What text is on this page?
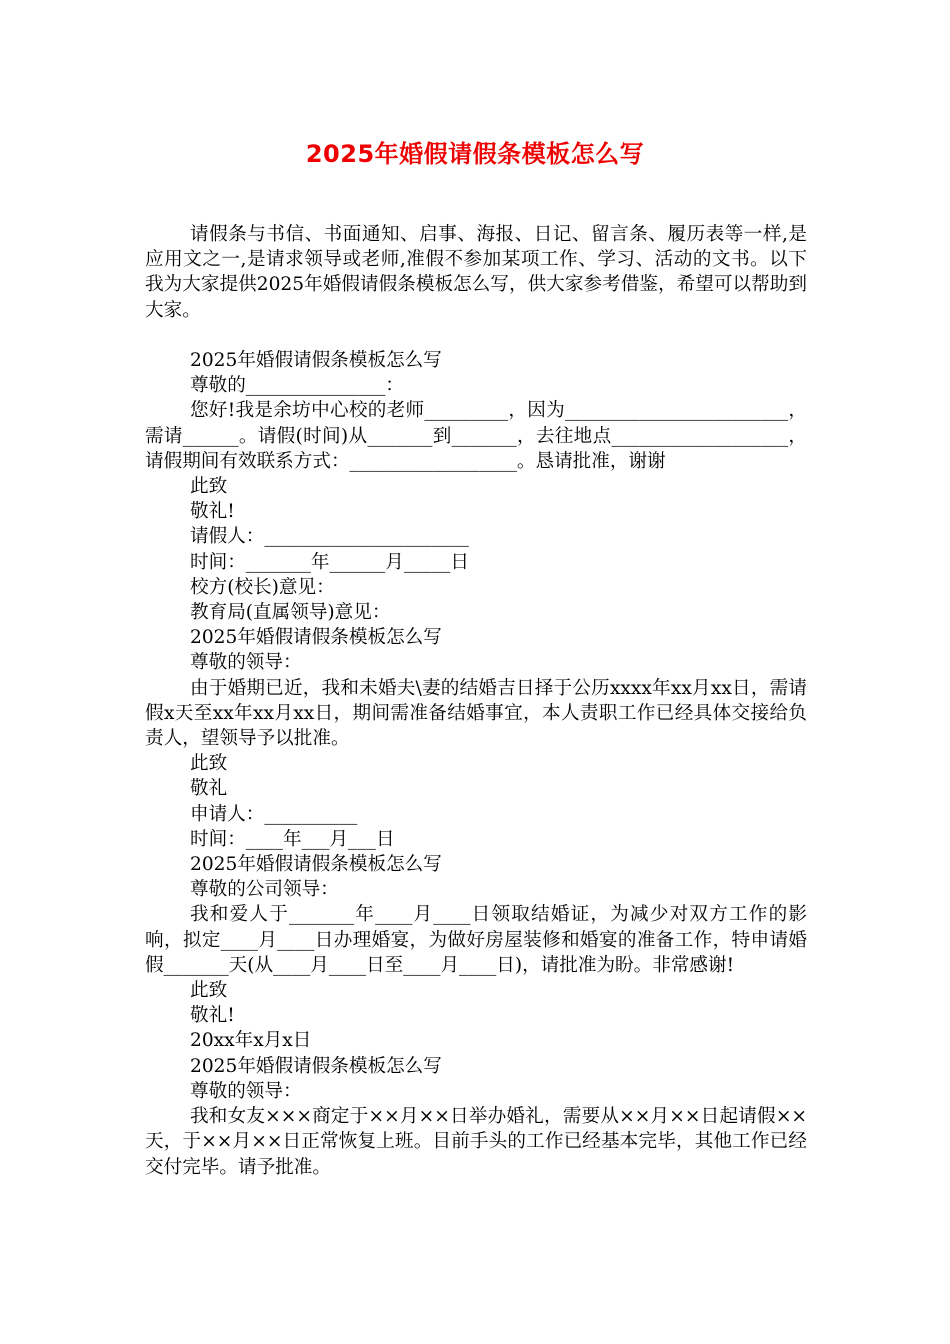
2025年婚假请假条模板怎么写

请假条与书信、书面通知、启事、海报、日记、留言条、履历表等一样,是应用文之一,是请求领导或老师,准假不参加某项工作、学习、活动的文书。以下我为大家提供2025年婚假请假条模板怎么写，供大家参考借鉴，希望可以帮助到大家。

2025年婚假请假条模板怎么写

尊敬的_______________：

您好!我是余坊中心校的老师_________，因为________________________，需请______。请假(时间)从_______到_______，去往地点___________________，请假期间有效联系方式：__________________。恳请批准，谢谢

此致

敬礼!

请假人：______________________

时间：_______年______月_____日

校方(校长)意见：

教育局(直属领导)意见：

2025年婚假请假条模板怎么写

尊敬的领导：

由于婚期已近，我和未婚夫\妻的结婚吉日择于公历xxxx年xx月xx日，需请假x天至xx年xx月xx日，期间需准备结婚事宜，本人责职工作已经具体交接给负责人，望领导予以批准。

此致

敬礼

申请人：__________

时间：____年___月___日

2025年婚假请假条模板怎么写

尊敬的公司领导：

我和爱人于_______年____月____日领取结婚证，为减少对双方工作的影响，拟定____月____日办理婚宴，为做好房屋装修和婚宴的准备工作，特申请婚假_______天(从____月____日至____月____日)，请批准为盼。非常感谢!

此致

敬礼!

20xx年x月x日

2025年婚假请假条模板怎么写

尊敬的领导：

我和女友×××商定于××月××日举办婚礼，需要从××月××日起请假××天，于××月××日正常恢复上班。目前手头的工作已经基本完毕，其他工作已经交付完毕。请予批准。
